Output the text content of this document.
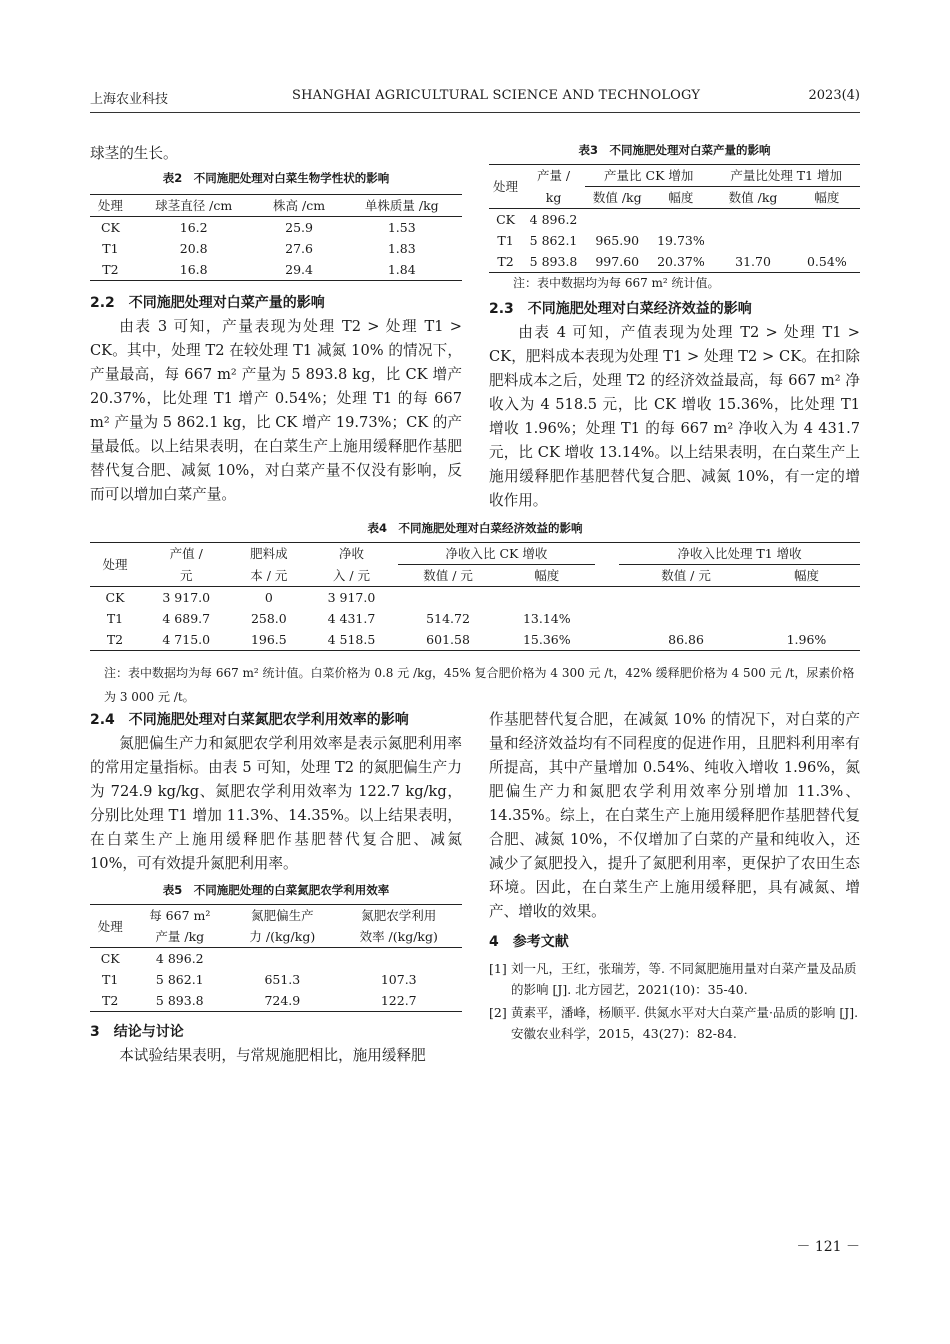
上海农业科技	SHANGHAI AGRICULTURAL SCIENCE AND TECHNOLOGY	2023(4)

球茎的生长。

表2　不同施肥处理对白菜生物学性状的影响
处理	球茎直径 /cm	株高 /cm	单株质量 /kg
CK	16.2	25.9	1.53
T1	20.8	27.6	1.83
T2	16.8	29.4	1.84
2.2　不同施肥处理对白菜产量的影响

由表 3 可知，产量表现为处理 T2 > 处理 T1 > CK。其中，处理 T2 在较处理 T1 减氮 10% 的情况下，产量最高，每 667 m² 产量为 5 893.8 kg，比 CK 增产 20.37%，比处理 T1 增产 0.54%；处理 T1 的每 667 m² 产量为 5 862.1 kg，比 CK 增产 19.73%；CK 的产量最低。以上结果表明，在白菜生产上施用缓释肥作基肥替代复合肥、减氮 10%，对白菜产量不仅没有影响，反而可以增加白菜产量。

表3　不同施肥处理对白菜产量的影响
处理	产量 /	产量比 CK 增加		产量比处理 T1 增加	
	kg	数值 /kg	幅度	数值 /kg	幅度
CK	4 896.2				
T1	5 862.1	965.90	19.73%		
T2	5 893.8	997.60	20.37%	31.70	0.54%
注：表中数据均为每 667 m² 统计值。
2.3　不同施肥处理对白菜经济效益的影响

由表 4 可知，产值表现为处理 T2 > 处理 T1 > CK，肥料成本表现为处理 T1 > 处理 T2 > CK。在扣除肥料成本之后，处理 T2 的经济效益最高，每 667 m² 净收入为 4 518.5 元，比 CK 增收 15.36%，比处理 T1 增收 1.96%；处理 T1 的每 667 m² 净收入为 4 431.7 元，比 CK 增收 13.14%。以上结果表明，在白菜生产上施用缓释肥作基肥替代复合肥、减氮 10%，有一定的增收作用。

表4　不同施肥处理对白菜经济效益的影响
处理	产值 /	肥料成	净收	净收入比 CK 增收			净收入比处理 T1 增收	
	元	本 / 元	入 / 元	数值 / 元	幅度		数值 / 元	幅度
CK	3 917.0	0	3 917.0					
T1	4 689.7	258.0	4 431.7	514.72	13.14%			
T2	4 715.0	196.5	4 518.5	601.58	15.36%		86.86	1.96%
注：表中数据均为每 667 m² 统计值。白菜价格为 0.8 元 /kg，45% 复合肥价格为 4 300 元 /t，42% 缓释肥价格为 4 500 元 /t，尿素价格为 3 000 元 /t。
2.4　不同施肥处理对白菜氮肥农学利用效率的影响

氮肥偏生产力和氮肥农学利用效率是表示氮肥利用率的常用定量指标。由表 5 可知，处理 T2 的氮肥偏生产力为 724.9 kg/kg、氮肥农学利用效率为 122.7 kg/kg，分别比处理 T1 增加 11.3%、14.35%。以上结果表明，在白菜生产上施用缓释肥作基肥替代复合肥、减氮 10%，可有效提升氮肥利用率。

表5　不同施肥处理的白菜氮肥农学利用效率
处理	每 667 m²	氮肥偏生产	氮肥农学利用
	产量 /kg	力 /(kg/kg)	效率 /(kg/kg)
CK	4 896.2		
T1	5 862.1	651.3	107.3
T2	5 893.8	724.9	122.7
3　结论与讨论

本试验结果表明，与常规施肥相比，施用缓释肥

作基肥替代复合肥，在减氮 10% 的情况下，对白菜的产量和经济效益均有不同程度的促进作用，且肥料利用率有所提高，其中产量增加 0.54%、纯收入增收 1.96%，氮肥偏生产力和氮肥农学利用效率分别增加 11.3%、14.35%。综上，在白菜生产上施用缓释肥作基肥替代复合肥、减氮 10%，不仅增加了白菜的产量和纯收入，还减少了氮肥投入，提升了氮肥利用率，更保护了农田生态环境。因此，在白菜生产上施用缓释肥，具有减氮、增产、增收的效果。

4　参考文献
[1] 刘一凡，王红，张瑞芳，等. 不同氮肥施用量对白菜产量及品质的影响 [J]. 北方园艺，2021(10)：35-40.
[2] 黄素平，潘峰，杨顺平. 供氮水平对大白菜产量·品质的影响 [J]. 安徽农业科学，2015，43(27)：82-84.
－ 121 －
